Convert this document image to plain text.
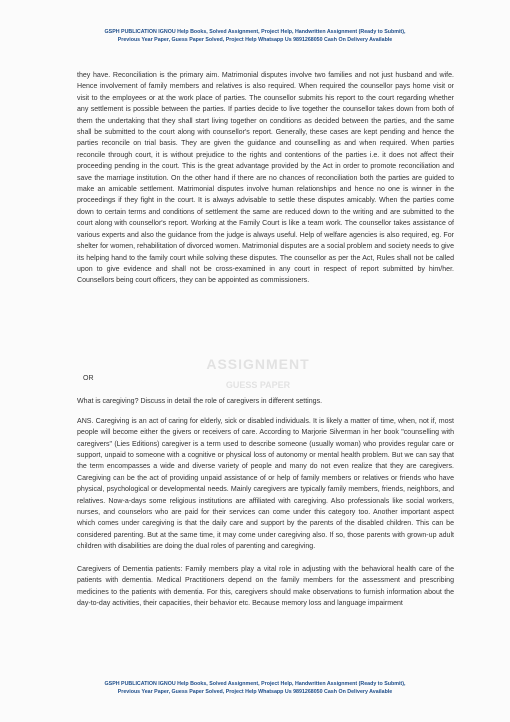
GSPH PUBLICATION IGNOU Help Books, Solved Assignment, Project Help, Handwritten Assignment (Ready to Submit),
Previous Year Paper, Guess Paper Solved, Project Help Whatsapp Us 9891268050 Cash On Delivery Available
ASSIGNMENT
GUESS PAPER

they have. Reconciliation is the primary aim. Matrimonial disputes involve two families and not just husband and wife. Hence involvement of family members and relatives is also required. When required the counsellor pays home visit or visit to the employees or at the work place of parties. The counsellor submits his report to the court regarding whether any settlement is possible between the parties. If parties decide to live together the counsellor takes down from both of them the undertaking that they shall start living together on conditions as decided between the parties, and the same shall be submitted to the court along with counsellor's report. Generally, these cases are kept pending and hence the parties reconcile on trial basis. They are given the guidance and counselling as and when required. When parties reconcile through court, it is without prejudice to the rights and contentions of the parties i.e. it does not affect their proceeding pending in the court. This is the great advantage provided by the Act in order to promote reconciliation and save the marriage institution. On the other hand if there are no chances of reconciliation both the parties are guided to make an amicable settlement. Matrimonial disputes involve human relationships and hence no one is winner in the proceedings if they fight in the court. It is always advisable to settle these disputes amicably. When the parties come down to certain terms and conditions of settlement the same are reduced down to the writing and are submitted to the court along with counsellor's report. Working at the Family Court is like a team work. The counsellor takes assistance of various experts and also the guidance from the judge is always useful. Help of welfare agencies is also required, eg. For shelter for women, rehabilitation of divorced women. Matrimonial disputes are a social problem and society needs to give its helping hand to the family court while solving these disputes. The counsellor as per the Act, Rules shall not be called upon to give evidence and shall not be cross-examined in any court in respect of report submitted by him/her. Counsellors being court officers, they can be appointed as commissioners.

OR

What is caregiving? Discuss in detail the role of caregivers in different settings.

ANS. Caregiving is an act of caring for elderly, sick or disabled individuals. It is likely a matter of time, when, not if, most people will become either the givers or receivers of care. According to Marjorie Silverman in her book "counselling with caregivers" (Lies Editions) caregiver is a term used to describe someone (usually woman) who provides regular care or support, unpaid to someone with a cognitive or physical loss of autonomy or mental health problem. But we can say that the term encompasses a wide and diverse variety of people and many do not even realize that they are caregivers. Caregiving can be the act of providing unpaid assistance of or help of family members or relatives or friends who have physical, psychological or developmental needs. Mainly caregivers are typically family members, friends, neighbors, and relatives. Now-a-days some religious institutions are affiliated with caregiving. Also professionals like social workers, nurses, and counselors who are paid for their services can come under this category too. Another important aspect which comes under caregiving is that the daily care and support by the parents of the disabled children. This can be considered parenting. But at the same time, it may come under caregiving also. If so, those parents with grown-up adult children with disabilities are doing the dual roles of parenting and caregiving.

Caregivers of Dementia patients: Family members play a vital role in adjusting with the behavioral health care of the patients with dementia. Medical Practitioners depend on the family members for the assessment and prescribing medicines to the patients with dementia. For this, caregivers should make observations to furnish information about the day-to-day activities, their capacities, their behavior etc. Because memory loss and language impairment

GSPH PUBLICATION IGNOU Help Books, Solved Assignment, Project Help, Handwritten Assignment (Ready to Submit),
Previous Year Paper, Guess Paper Solved, Project Help Whatsapp Us 9891268050 Cash On Delivery Available
